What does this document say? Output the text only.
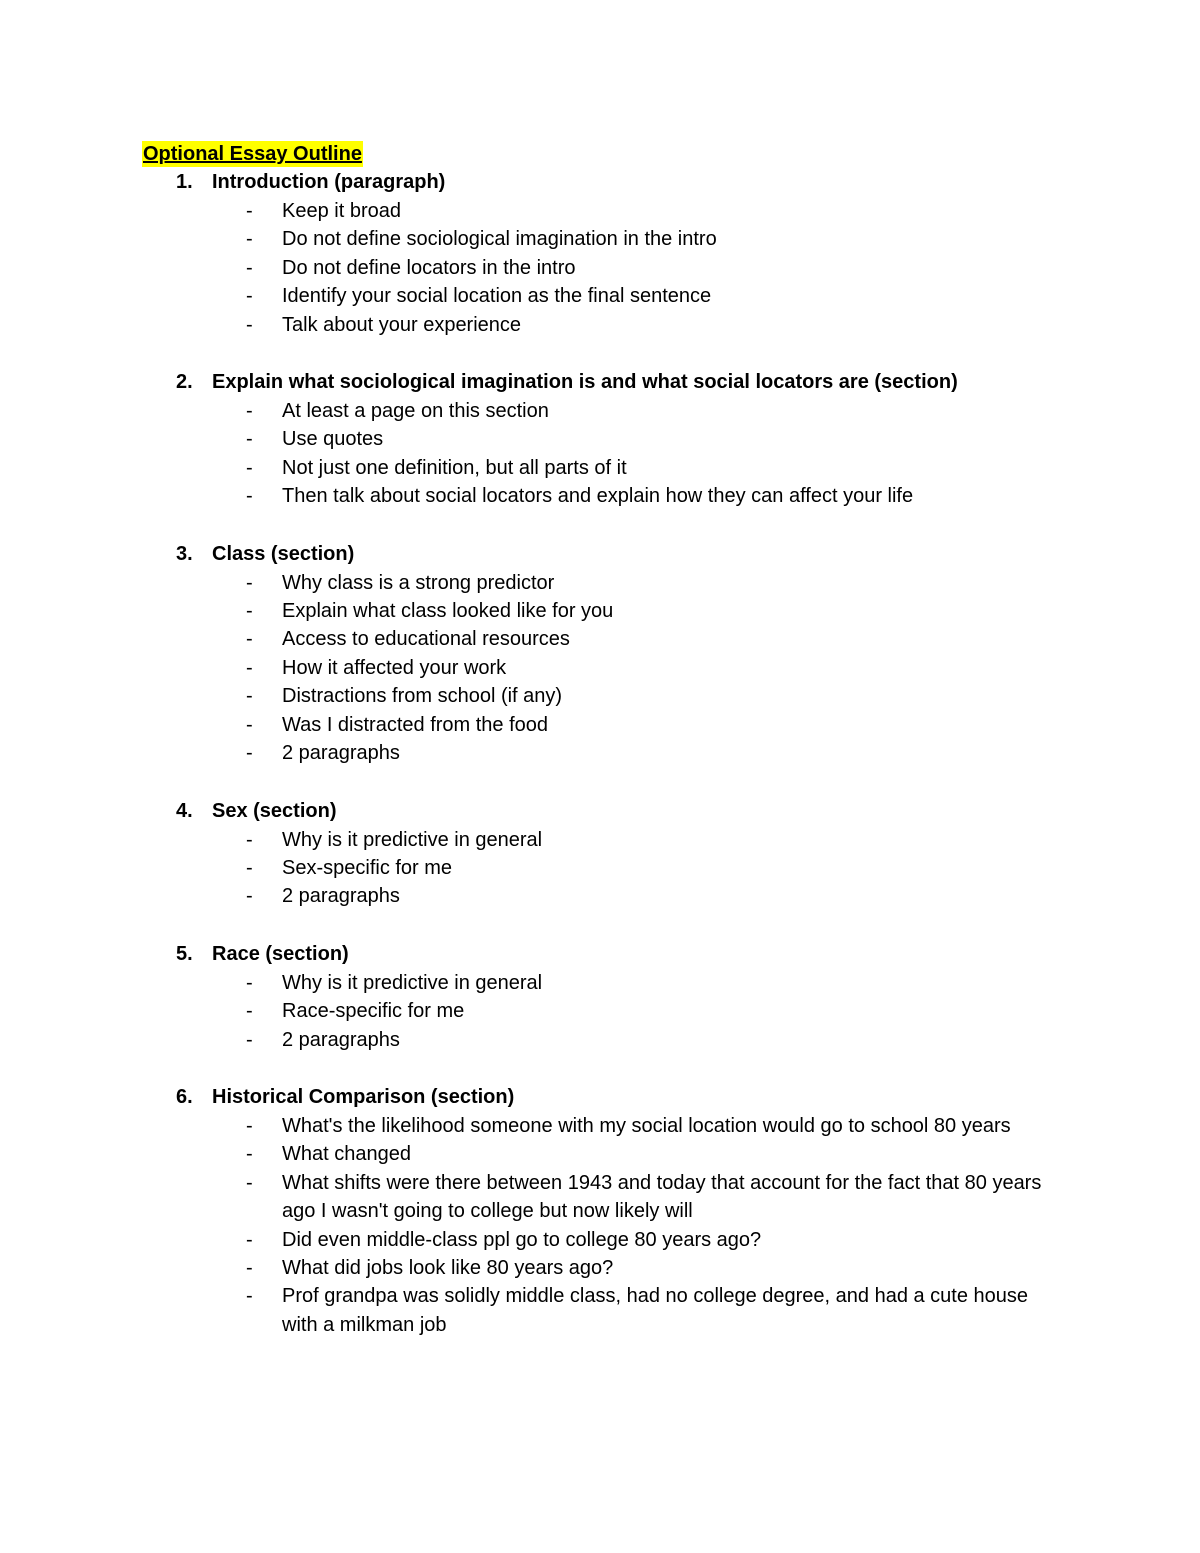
Optional Essay Outline
1. Introduction (paragraph)
- Keep it broad
- Do not define sociological imagination in the intro
- Do not define locators in the intro
- Identify your social location as the final sentence
- Talk about your experience
2. Explain what sociological imagination is and what social locators are (section)
- At least a page on this section
- Use quotes
- Not just one definition, but all parts of it
- Then talk about social locators and explain how they can affect your life
3. Class (section)
- Why class is a strong predictor
- Explain what class looked like for you
- Access to educational resources
- How it affected your work
- Distractions from school (if any)
- Was I distracted from the food
- 2 paragraphs
4. Sex (section)
- Why is it predictive in general
- Sex-specific for me
- 2 paragraphs
5. Race (section)
- Why is it predictive in general
- Race-specific for me
- 2 paragraphs
6. Historical Comparison (section)
- What's the likelihood someone with my social location would go to school 80 years
- What changed
- What shifts were there between 1943 and today that account for the fact that 80 years ago I wasn't going to college but now likely will
- Did even middle-class ppl go to college 80 years ago?
- What did jobs look like 80 years ago?
- Prof grandpa was solidly middle class, had no college degree, and had a cute house with a milkman job
